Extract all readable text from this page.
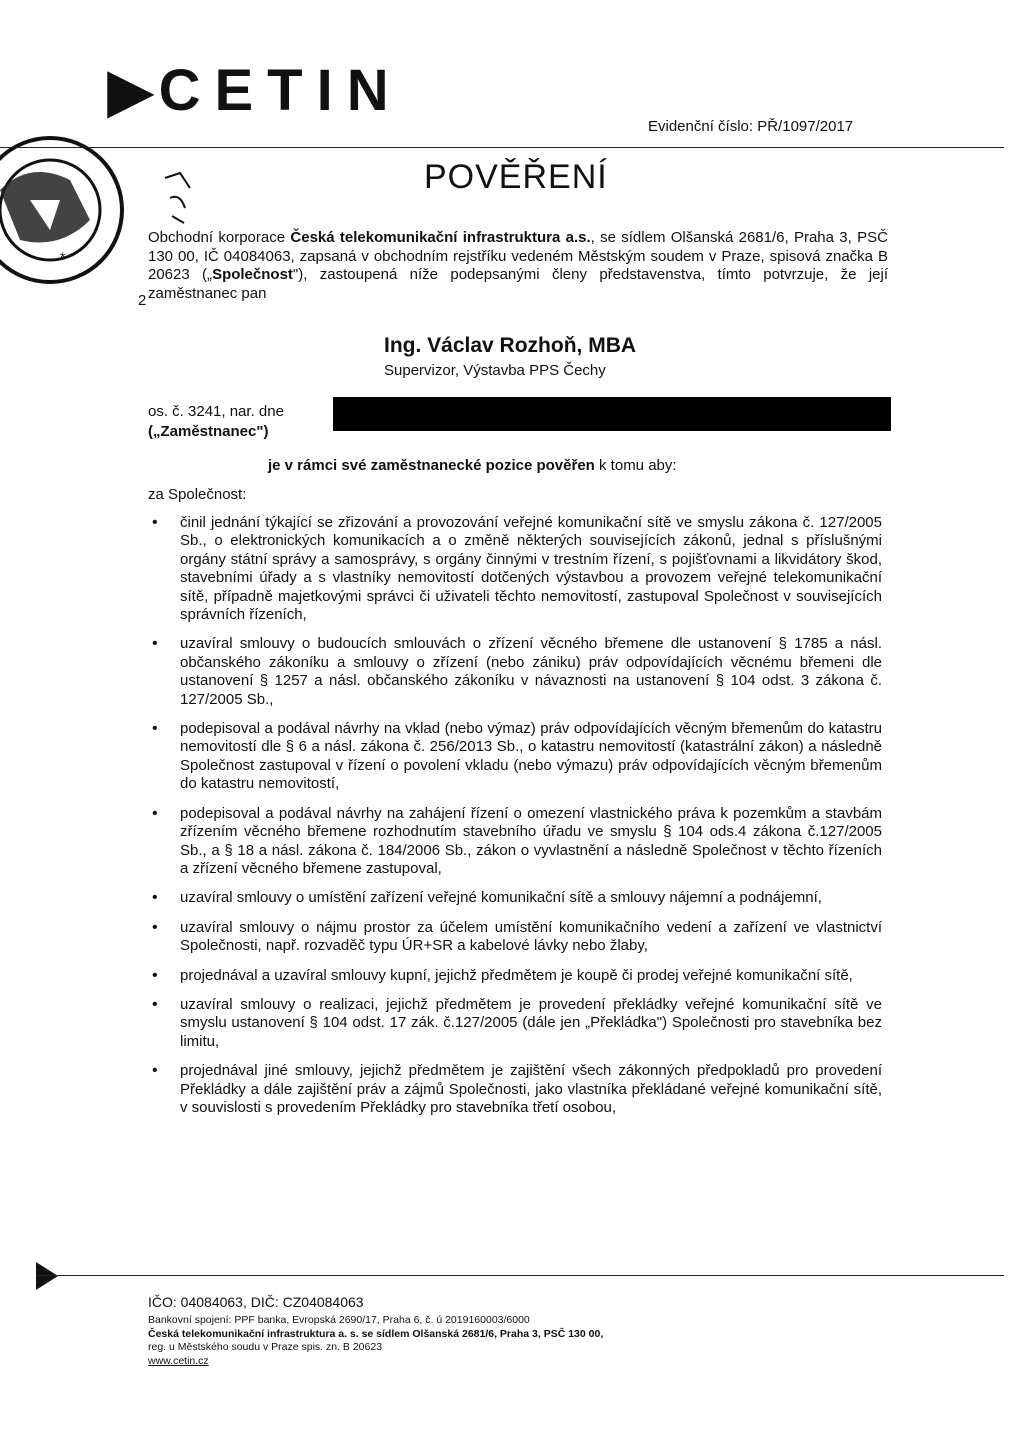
*
▶ CETIN
Evidenční číslo: PŘ/1097/2017
POVĚŘENÍ
Obchodní korporace Česká telekomunikační infrastruktura a.s., se sídlem Olšanská 2681/6, Praha 3, PSČ 130 00, IČ 04084063, zapsaná v obchodním rejstříku vedeném Městským soudem v Praze, spisová značka B 20623 („Společnost"), zastoupená níže podepsanými členy představenstva, tímto potvrzuje, že její zaměstnanec pan
2
Ing. Václav Rozhoň, MBA
Supervizor, Výstavba PPS Čechy
os. č. 3241, nar. dne
(„Zaměstnanec")
je v rámci své zaměstnanecké pozice pověřen k tomu aby:
za Společnost:
• činil jednání týkající se zřizování a provozování veřejné komunikační sítě ve smyslu zákona č. 127/2005 Sb., o elektronických komunikacích a o změně některých souvisejících zákonů, jednal s příslušnými orgány státní správy a samosprávy, s orgány činnými v trestním řízení, s pojišťovnami a likvidátory škod, stavebními úřady a s vlastníky nemovitostí dotčených výstavbou a provozem veřejné telekomunikační sítě, případně majetkovými správci či uživateli těchto nemovitostí, zastupoval Společnost v souvisejících správních řízeních,
• uzavíral smlouvy o budoucích smlouvách o zřízení věcného břemene dle ustanovení § 1785 a násl. občanského zákoníku a smlouvy o zřízení (nebo zániku) práv odpovídajících věcnému břemeni dle ustanovení § 1257 a násl. občanského zákoníku v návaznosti na ustanovení § 104 odst. 3 zákona č. 127/2005 Sb.,
• podepisoval a podával návrhy na vklad (nebo výmaz) práv odpovídajících věcným břemenům do katastru nemovitostí dle § 6 a násl. zákona č. 256/2013 Sb., o katastru nemovitostí (katastrální zákon) a následně Společnost zastupoval v řízení o povolení vkladu (nebo výmazu) práv odpovídajících věcným břemenům do katastru nemovitostí,
• podepisoval a podával návrhy na zahájení řízení o omezení vlastnického práva k pozemkům a stavbám zřízením věcného břemene rozhodnutím stavebního úřadu ve smyslu § 104 ods.4 zákona č.127/2005 Sb., a § 18 a násl. zákona č. 184/2006 Sb., zákon o vyvlastnění a následně Společnost v těchto řízeních a zřízení věcného břemene zastupoval,
• uzavíral smlouvy o umístění zařízení veřejné komunikační sítě a smlouvy nájemní a podnájemní,
• uzavíral smlouvy o nájmu prostor za účelem umístění komunikačního vedení a zařízení ve vlastnictví Společnosti, např. rozvaděč typu ÚR+SR a kabelové lávky nebo žlaby,
• projednával a uzavíral smlouvy kupní, jejichž předmětem je koupě či prodej veřejné komunikační sítě,
• uzavíral smlouvy o realizaci, jejichž předmětem je provedení překládky veřejné komunikační sítě ve smyslu ustanovení § 104 odst. 17 zák. č.127/2005 (dále jen „Překládka") Společnosti pro stavebníka bez limitu,
• projednával jiné smlouvy, jejichž předmětem je zajištění všech zákonných předpokladů pro provedení Překládky a dále zajištění práv a zájmů Společnosti, jako vlastníka překládané veřejné komunikační sítě, v souvislosti s provedením Překládky pro stavebníka třetí osobou,
IČO: 04084063, DIČ: CZ04084063
Bankovní spojení: PPF banka, Evropská 2690/17, Praha 6, č. ú 2019160003/6000
Česká telekomunikační infrastruktura a. s. se sídlem Olšanská 2681/6, Praha 3, PSČ 130 00,
reg. u Městského soudu v Praze spis. zn. B 20623
www.cetin.cz
